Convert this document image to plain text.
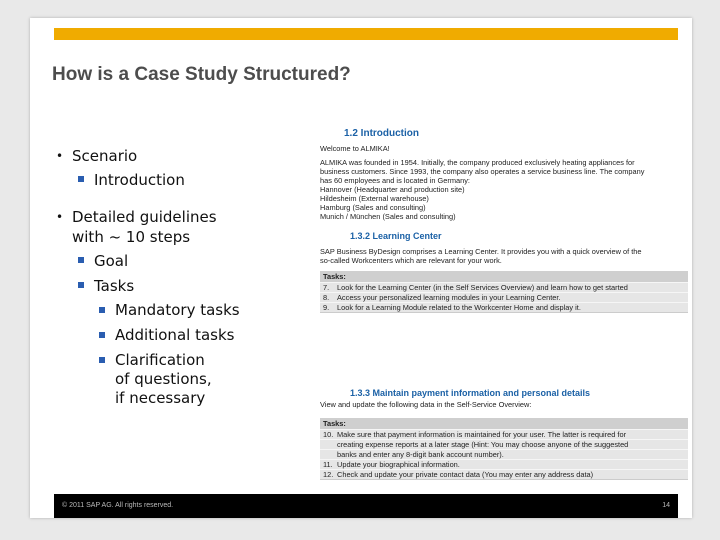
How is a Case Study Structured?
• Scenario
Introduction
• Detailed guidelines
with ~ 10 steps
Goal
Tasks
Mandatory tasks
Additional tasks
Clarification
of questions,
if necessary
1.2 Introduction
Welcome to ALMIKA!
ALMIKA was founded in 1954. Initially, the company produced exclusively heating appliances for
business customers. Since 1993, the company also operates a service business line. The company
has 60 employees and is located in Germany:
Hannover (Headquarter and production site)
Hildesheim (External warehouse)
Hamburg (Sales and consulting)
Munich / München (Sales and consulting)
1.3.2 Learning Center
SAP Business ByDesign comprises a Learning Center. It provides you with a quick overview of the
so-called Workcenters which are relevant for your work.
Tasks:
7.	Look for the Learning Center (in the Self Services Overview) and learn how to get started
8.	Access your personalized learning modules in your Learning Center.
9.	Look for a Learning Module related to the Workcenter Home and display it.
1.3.3 Maintain payment information and personal details
View and update the following data in the Self-Service Overview:
Tasks:
10. Make sure that payment information is maintained for your user. The latter is required for
creating expense reports at a later stage (Hint: You may choose anyone of the suggested
banks and enter any 8-digit bank account number).
11. Update your biographical information.
12. Check and update your private contact data (You may enter any address data)
© 2011 SAP AG. All rights reserved.	14
